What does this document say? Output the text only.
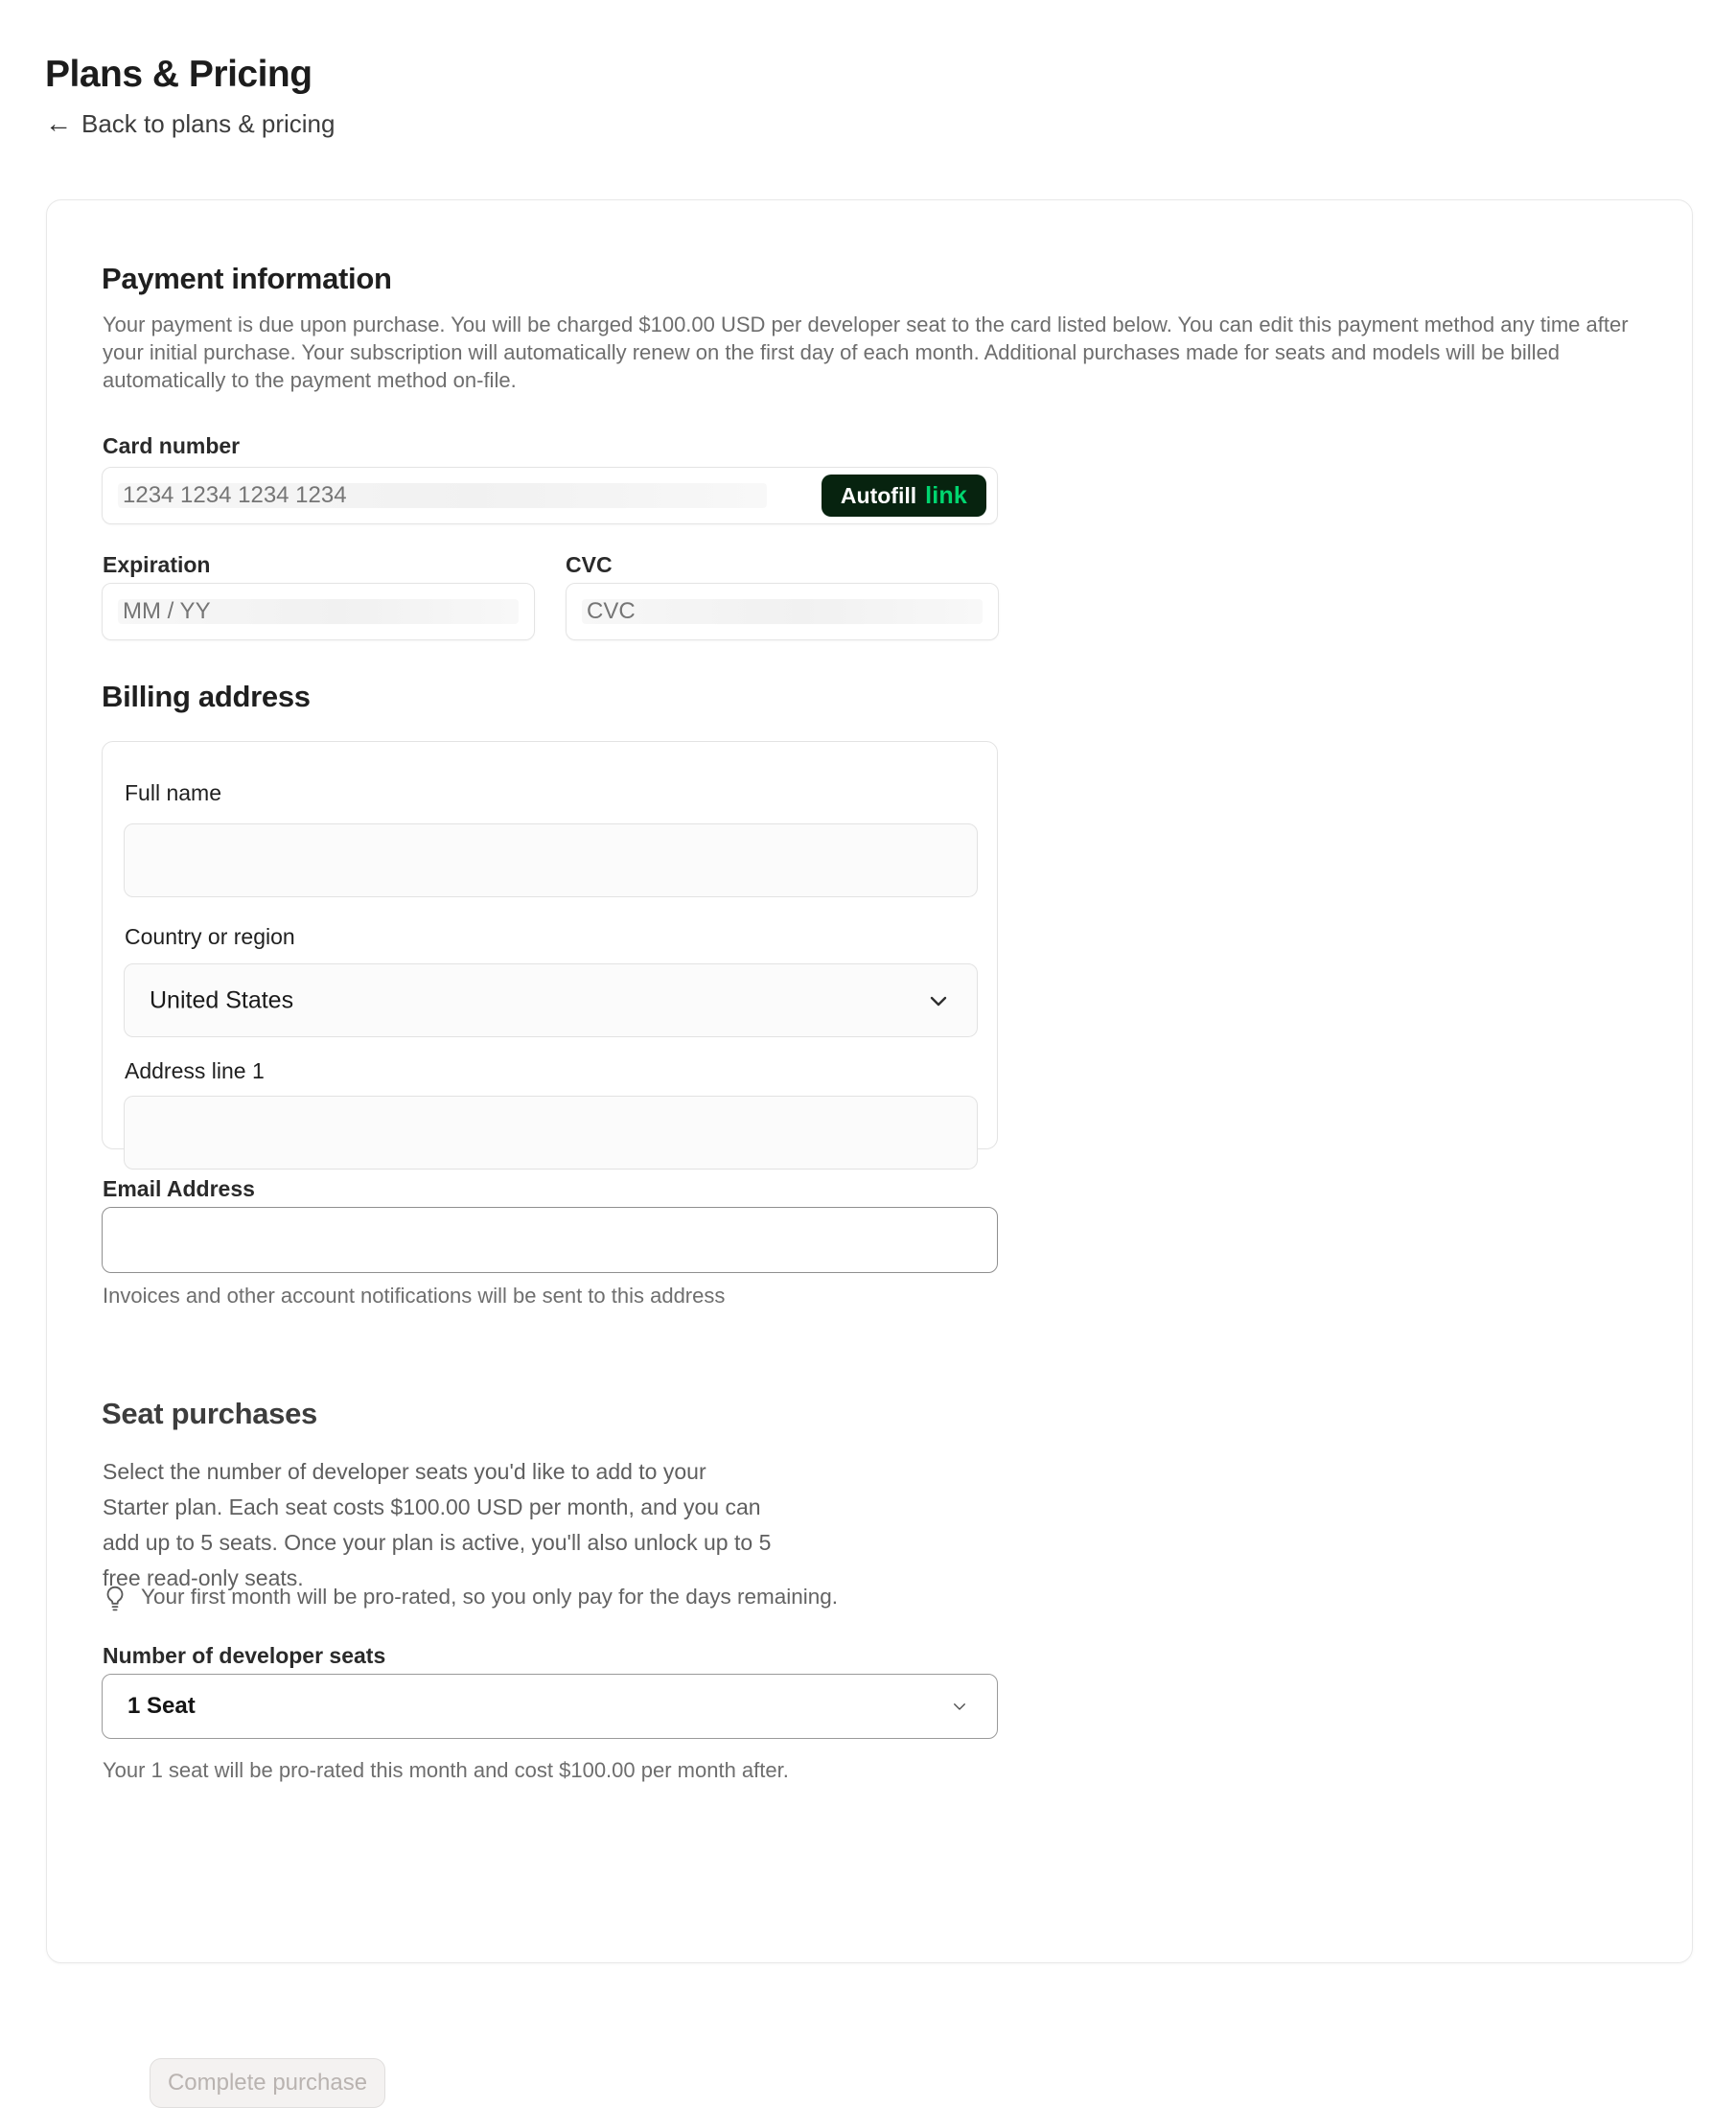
Plans & Pricing
← Back to plans & pricing
Payment information
Your payment is due upon purchase. You will be charged $100.00 USD per developer seat to the card listed below. You can edit this payment method any time after your initial purchase. Your subscription will automatically renew on the first day of each month. Additional purchases made for seats and models will be billed automatically to the payment method on-file.
Card number
1234 1234 1234 1234	Autofill link
Expiration
MM / YY
CVC
CVC
Billing address
Full name
Country or region
United States
Address line 1
Email Address
Invoices and other account notifications will be sent to this address
Seat purchases
Select the number of developer seats you'd like to add to your Starter plan. Each seat costs $100.00 USD per month, and you can add up to 5 seats. Once your plan is active, you'll also unlock up to 5 free read-only seats.
Your first month will be pro-rated, so you only pay for the days remaining.
Number of developer seats
1 Seat
Your 1 seat will be pro-rated this month and cost $100.00 per month after.
Complete purchase
